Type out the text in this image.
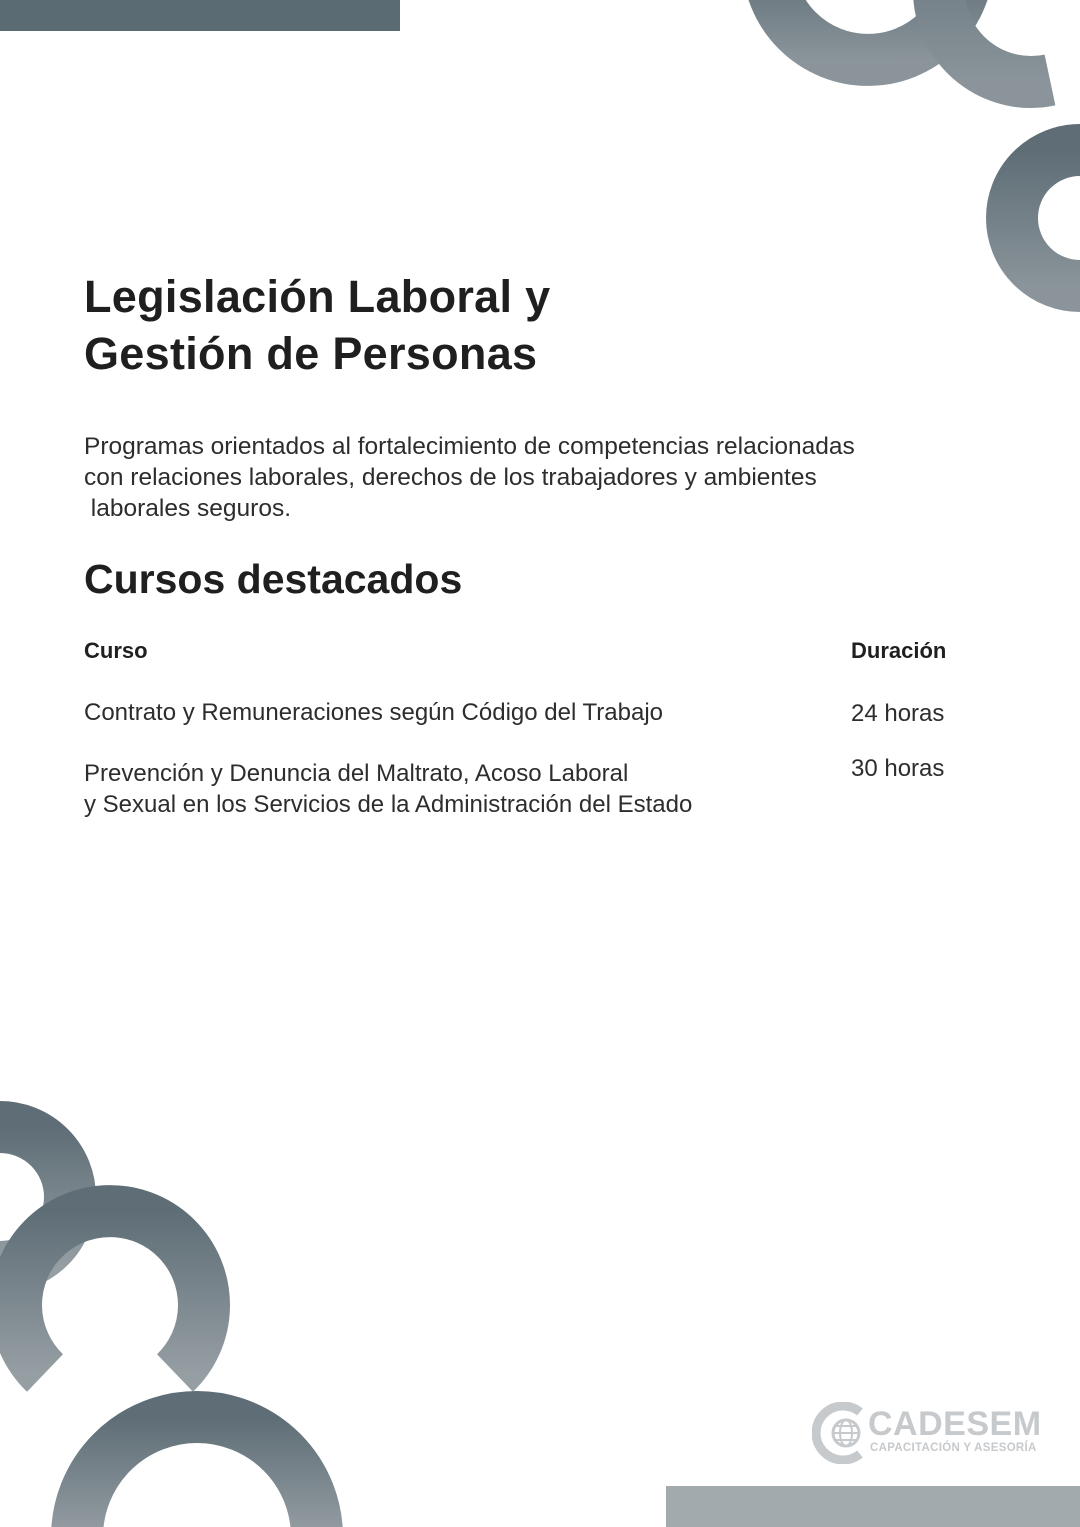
Legislación Laboral y
Gestión de Personas

Programas orientados al fortalecimiento de competencias relacionadas
con relaciones laborales, derechos de los trabajadores y ambientes
laborales seguros.

Cursos destacados
Curso	Duración
Contrato y Remuneraciones según Código del Trabajo	24 horas
Prevención y Denuncia del Maltrato, Acoso Laboral
y Sexual en los Servicios de la Administración del Estado
30 horas
CADESEM
CAPACITACIÓN Y ASESORÍA
